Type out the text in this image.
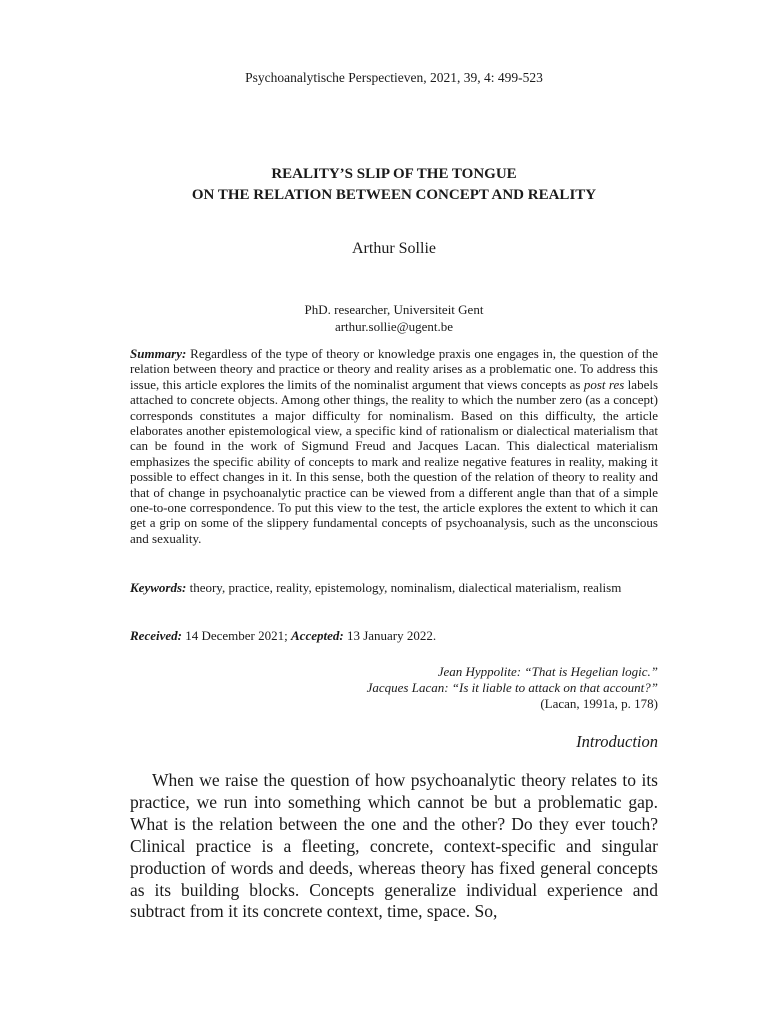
Psychoanalytische Perspectieven, 2021, 39, 4: 499-523
REALITY’S SLIP OF THE TONGUE
ON THE RELATION BETWEEN CONCEPT AND REALITY
Arthur Sollie
PhD. researcher, Universiteit Gent
arthur.sollie@ugent.be
Summary: Regardless of the type of theory or knowledge praxis one engages in, the question of the relation between theory and practice or theory and reality arises as a problematic one. To address this issue, this article explores the limits of the nominalist argument that views concepts as post res labels attached to concrete objects. Among other things, the reality to which the number zero (as a concept) corresponds constitutes a major difficulty for nominalism. Based on this difficulty, the article elaborates another epistemological view, a specific kind of rationalism or dialectical materialism that can be found in the work of Sigmund Freud and Jacques Lacan. This dialectical materialism emphasizes the specific ability of concepts to mark and realize negative features in reality, making it possible to effect changes in it. In this sense, both the question of the relation of theory to reality and that of change in psychoanalytic practice can be viewed from a different angle than that of a simple one-to-one correspondence. To put this view to the test, the article explores the extent to which it can get a grip on some of the slippery fundamental concepts of psychoanalysis, such as the unconscious and sexuality.
Keywords: theory, practice, reality, epistemology, nominalism, dialectical materialism, realism
Received: 14 December 2021; Accepted: 13 January 2022.
Jean Hyppolite: “That is Hegelian logic.”
Jacques Lacan: “Is it liable to attack on that account?”
(Lacan, 1991a, p. 178)
Introduction
When we raise the question of how psychoanalytic theory relates to its practice, we run into something which cannot be but a problematic gap. What is the relation between the one and the other? Do they ever touch? Clinical practice is a fleeting, concrete, context-specific and singular production of words and deeds, whereas theory has fixed general concepts as its building blocks. Concepts generalize individual experience and subtract from it its concrete context, time, space. So,
